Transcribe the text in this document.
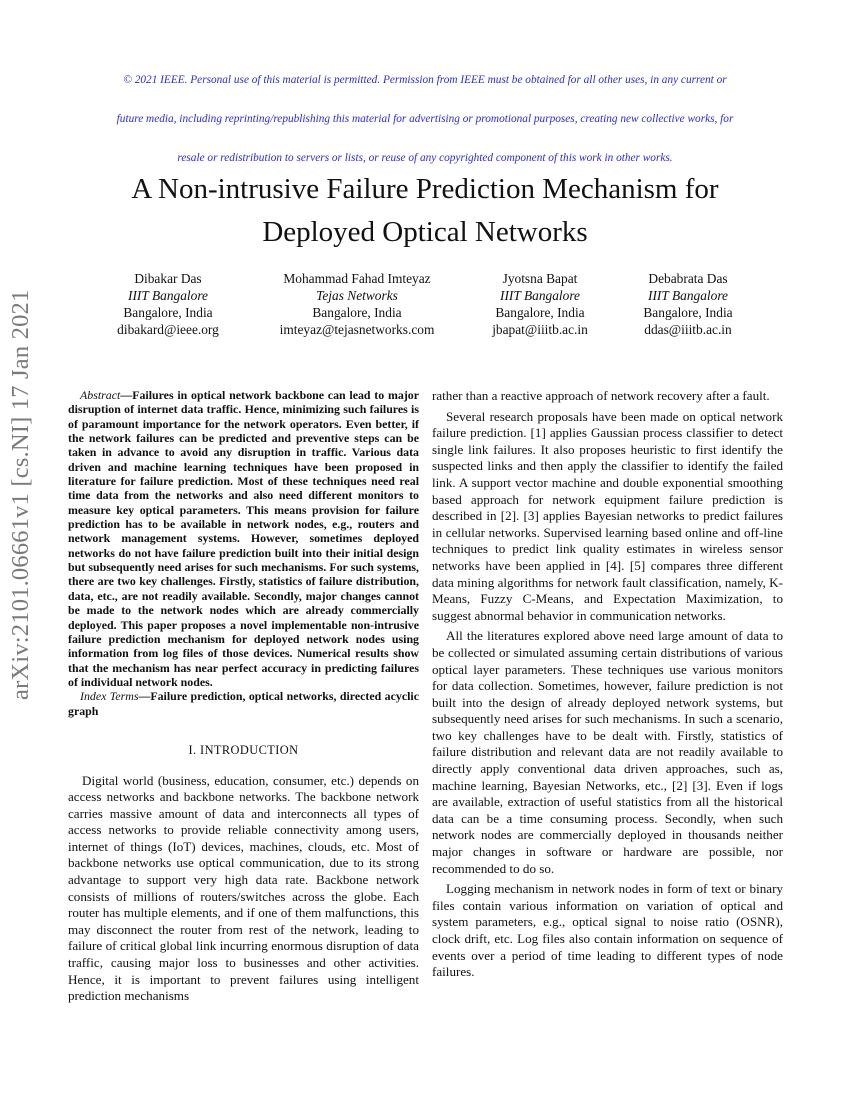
© 2021 IEEE. Personal use of this material is permitted. Permission from IEEE must be obtained for all other uses, in any current or
future media, including reprinting/republishing this material for advertising or promotional purposes, creating new collective works, for
resale or redistribution to servers or lists, or reuse of any copyrighted component of this work in other works.
A Non-intrusive Failure Prediction Mechanism for
Deployed Optical Networks
Dibakar Das
IIIT Bangalore
Bangalore, India
dibakard@ieee.org
Mohammad Fahad Imteyaz
Tejas Networks
Bangalore, India
imteyaz@tejasnetworks.com
Jyotsna Bapat
IIIT Bangalore
Bangalore, India
jbapat@iiitb.ac.in
Debabrata Das
IIIT Bangalore
Bangalore, India
ddas@iiitb.ac.in
arXiv:2101.06661v1 [cs.NI] 17 Jan 2021	Abstract—Failures in optical network backbone can lead to major disruption of internet data traffic. Hence, minimizing such failures is of paramount importance for the network operators. Even better, if the network failures can be predicted and preventive steps can be taken in advance to avoid any disruption in traffic. Various data driven and machine learning techniques have been proposed in literature for failure prediction. Most of these techniques need real time data from the networks and also need different monitors to measure key optical parameters. This means provision for failure prediction has to be available in network nodes, e.g., routers and network management systems. However, sometimes deployed networks do not have failure prediction built into their initial design but subsequently need arises for such mechanisms. For such systems, there are two key challenges. Firstly, statistics of failure distribution, data, etc., are not readily available. Secondly, major changes cannot be made to the network nodes which are already commercially deployed. This paper proposes a novel implementable non-intrusive failure prediction mechanism for deployed network nodes using information from log files of those devices. Numerical results show that the mechanism has near perfect accuracy in predicting failures of individual network nodes.

Index Terms—Failure prediction, optical networks, directed acyclic graph

I. INTRODUCTION

Digital world (business, education, consumer, etc.) depends on access networks and backbone networks. The backbone network carries massive amount of data and interconnects all types of access networks to provide reliable connectivity among users, internet of things (IoT) devices, machines, clouds, etc. Most of backbone networks use optical communication, due to its strong advantage to support very high data rate. Backbone network consists of millions of routers/switches across the globe. Each router has multiple elements, and if one of them malfunctions, this may disconnect the router from rest of the network, leading to failure of critical global link incurring enormous disruption of data traffic, causing major loss to businesses and other activities. Hence, it is important to prevent failures using intelligent prediction mechanisms

rather than a reactive approach of network recovery after a fault.

Several research proposals have been made on optical network failure prediction. [1] applies Gaussian process classifier to detect single link failures. It also proposes heuristic to first identify the suspected links and then apply the classifier to identify the failed link. A support vector machine and double exponential smoothing based approach for network equipment failure prediction is described in [2]. [3] applies Bayesian networks to predict failures in cellular networks. Supervised learning based online and off-line techniques to predict link quality estimates in wireless sensor networks have been applied in [4]. [5] compares three different data mining algorithms for network fault classification, namely, K-Means, Fuzzy C-Means, and Expectation Maximization, to suggest abnormal behavior in communication networks.

All the literatures explored above need large amount of data to be collected or simulated assuming certain distributions of various optical layer parameters. These techniques use various monitors for data collection. Sometimes, however, failure prediction is not built into the design of already deployed network systems, but subsequently need arises for such mechanisms. In such a scenario, two key challenges have to be dealt with. Firstly, statistics of failure distribution and relevant data are not readily available to directly apply conventional data driven approaches, such as, machine learning, Bayesian Networks, etc., [2] [3]. Even if logs are available, extraction of useful statistics from all the historical data can be a time consuming process. Secondly, when such network nodes are commercially deployed in thousands neither major changes in software or hardware are possible, nor recommended to do so.

Logging mechanism in network nodes in form of text or binary files contain various information on variation of optical and system parameters, e.g., optical signal to noise ratio (OSNR), clock drift, etc. Log files also contain information on sequence of events over a period of time leading to different types of node failures.
